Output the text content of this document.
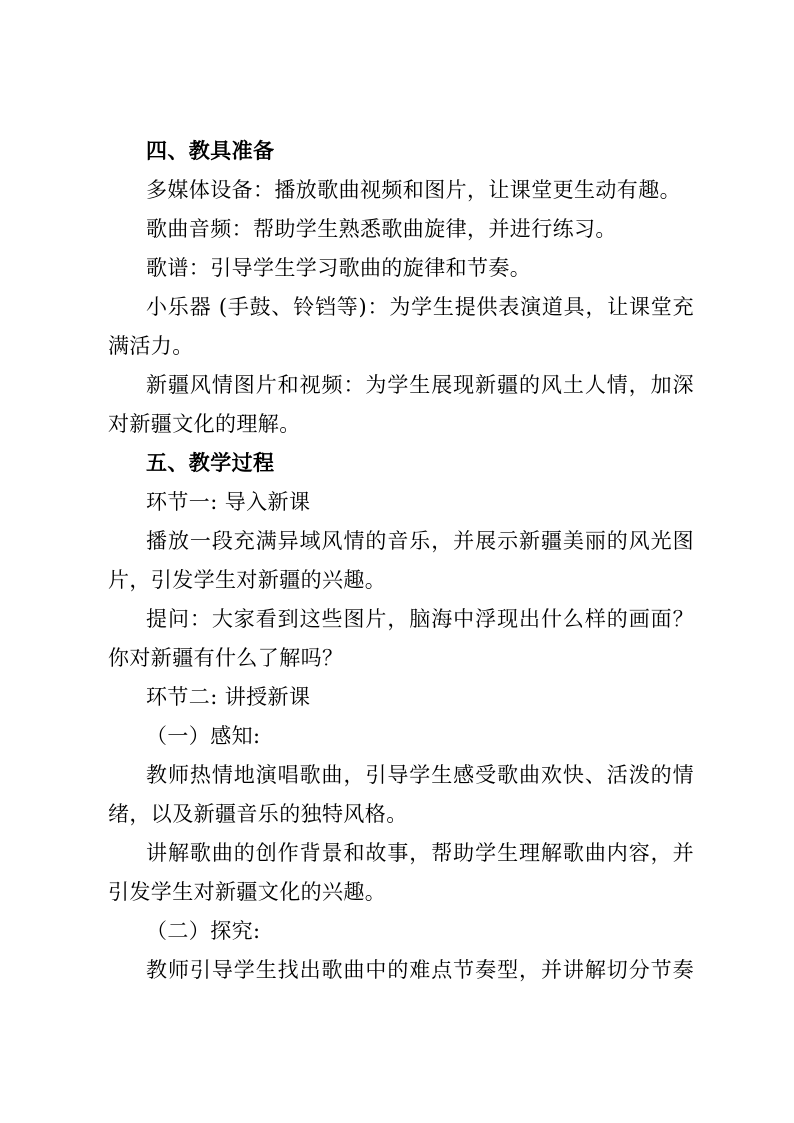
四、教具准备
多媒体设备：播放歌曲视频和图片，让课堂更生动有趣。
歌曲音频：帮助学生熟悉歌曲旋律，并进行练习。
歌谱：引导学生学习歌曲的旋律和节奏。
小乐器 (手鼓、铃铛等)：为学生提供表演道具，让课堂充
满活力。
新疆风情图片和视频：为学生展现新疆的风土人情，加深
对新疆文化的理解。
五、教学过程
环节一: 导入新课
播放一段充满异域风情的音乐，并展示新疆美丽的风光图
片，引发学生对新疆的兴趣。
提问：大家看到这些图片，脑海中浮现出什么样的画面？
你对新疆有什么了解吗？
环节二: 讲授新课
（一）感知:
教师热情地演唱歌曲，引导学生感受歌曲欢快、活泼的情
绪，以及新疆音乐的独特风格。
讲解歌曲的创作背景和故事，帮助学生理解歌曲内容，并
引发学生对新疆文化的兴趣。
（二）探究:
教师引导学生找出歌曲中的难点节奏型，并讲解切分节奏
